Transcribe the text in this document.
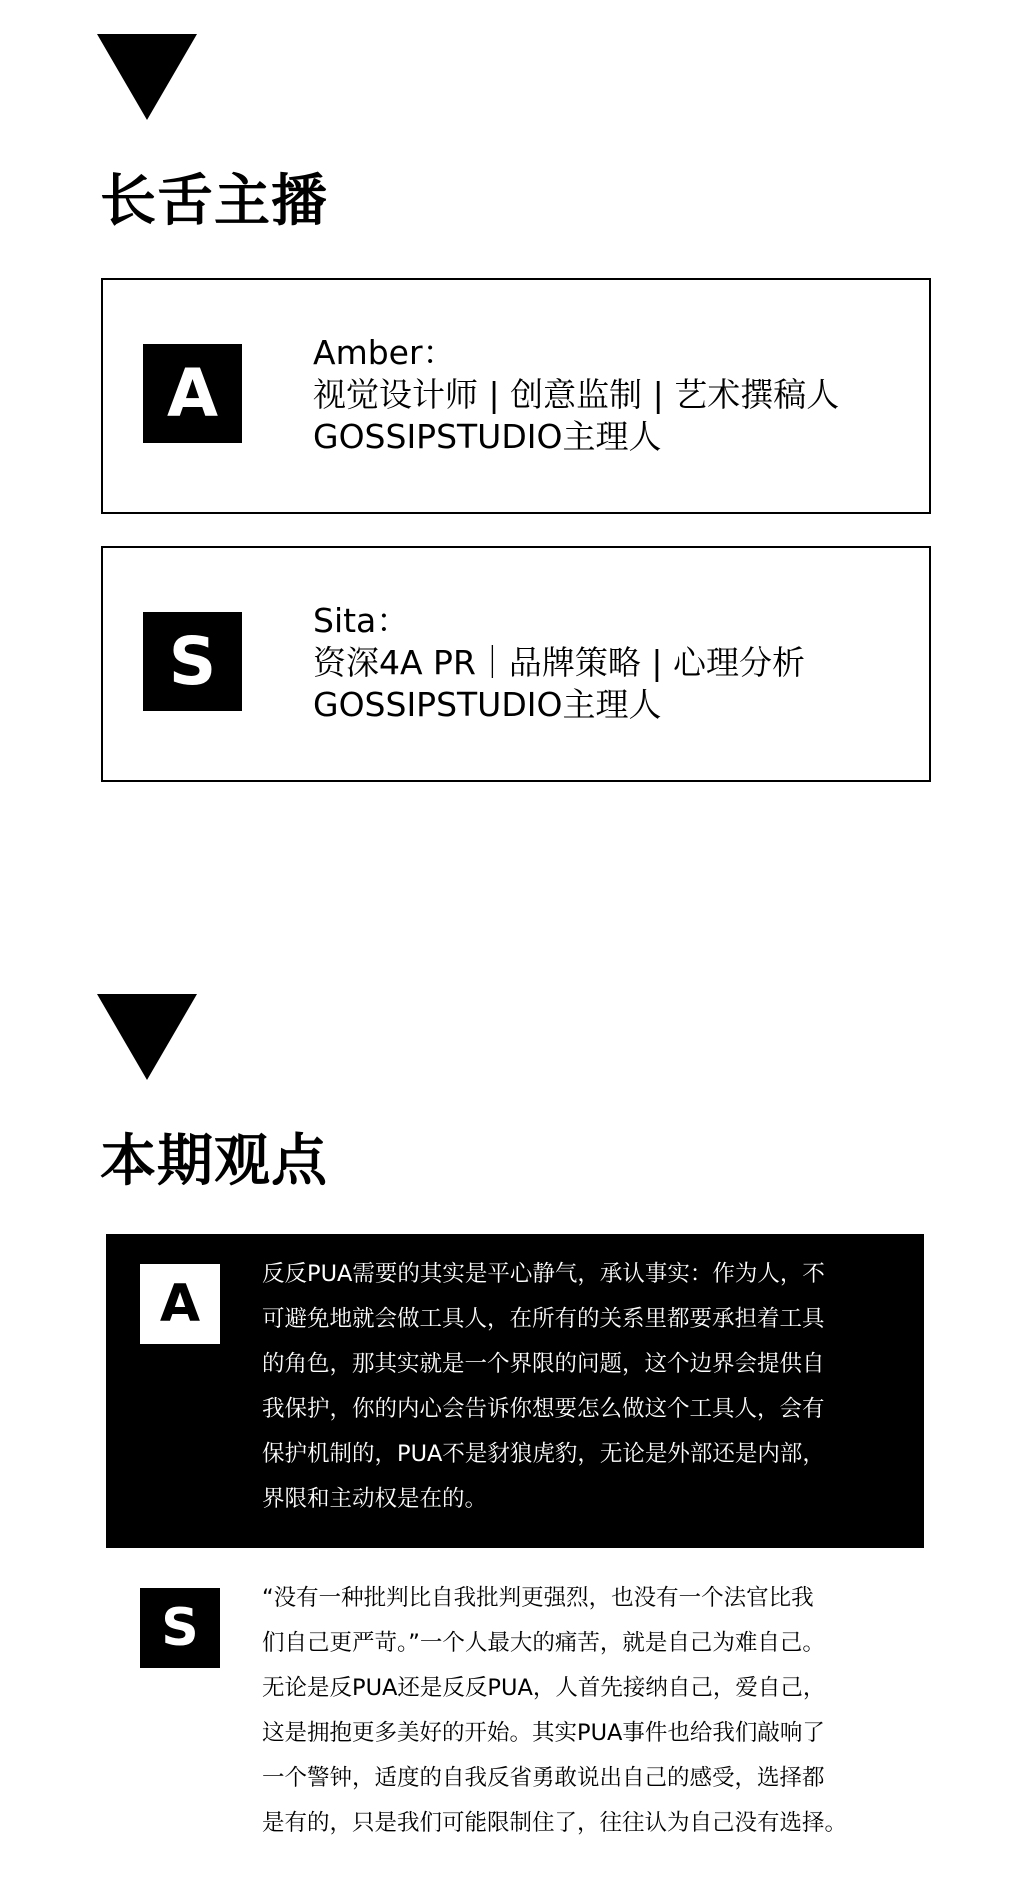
长舌主播
A
Amber：
视觉设计师 | 创意监制 | 艺术撰稿人
GOSSIPSTUDIO主理人
S
Sita：
资深4A PR｜品牌策略 | 心理分析
GOSSIPSTUDIO主理人
本期观点
A	反反PUA需要的其实是平心静气，承认事实：作为人，不
可避免地就会做工具人，在所有的关系里都要承担着工具
的角色，那其实就是一个界限的问题，这个边界会提供自
我保护，你的内心会告诉你想要怎么做这个工具人，会有
保护机制的，PUA不是豺狼虎豹，无论是外部还是内部，
界限和主动权是在的。

S	“没有一种批判比自我批判更强烈，也没有一个法官比我
们自己更严苛。”一个人最大的痛苦，就是自己为难自己。
无论是反PUA还是反反PUA，人首先接纳自己，爱自己，
这是拥抱更多美好的开始。其实PUA事件也给我们敲响了
一个警钟，适度的自我反省勇敢说出自己的感受，选择都
是有的，只是我们可能限制住了，往往认为自己没有选择。
